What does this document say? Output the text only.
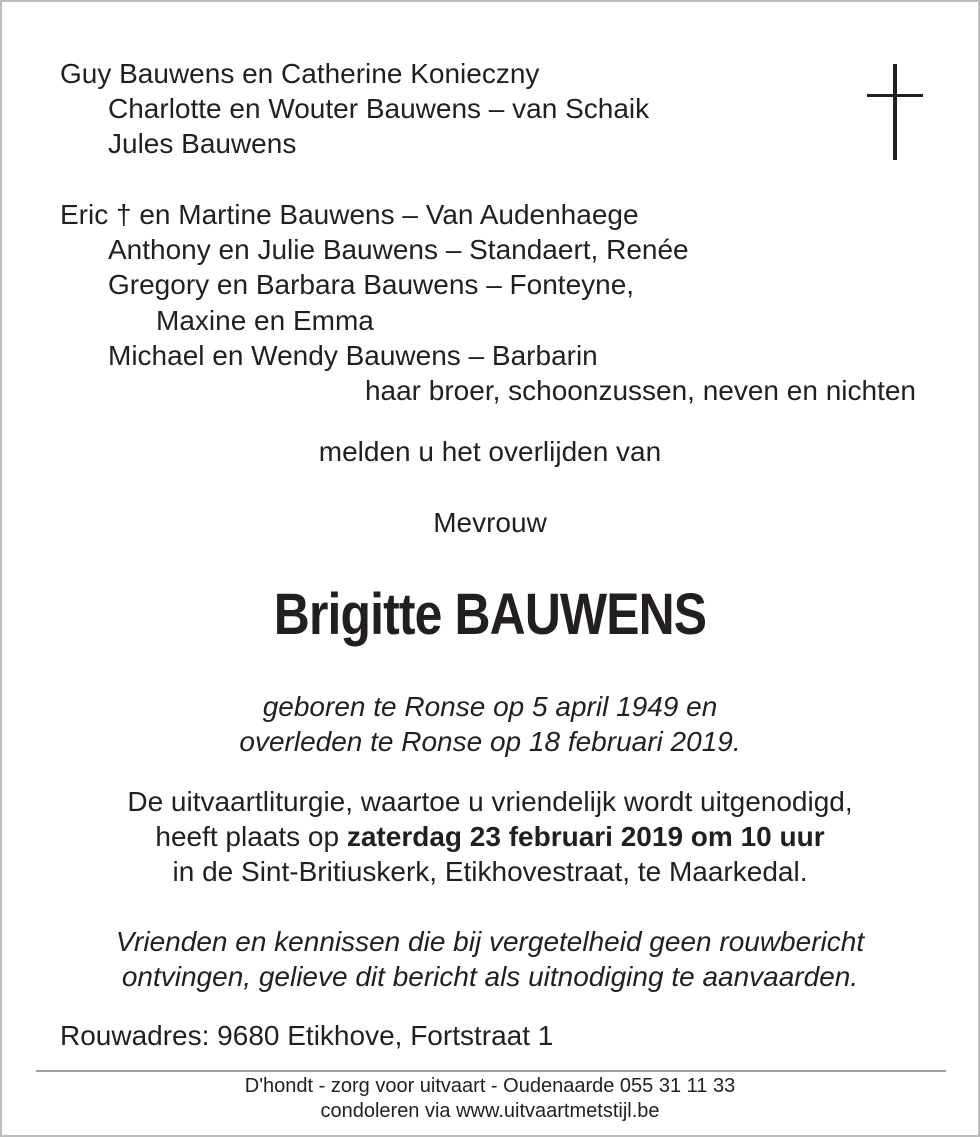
Guy Bauwens en Catherine Konieczny
Charlotte en Wouter Bauwens – van Schaik
Jules Bauwens
Eric † en Martine Bauwens – Van Audenhaege
Anthony en Julie Bauwens – Standaert, Renée
Gregory en Barbara Bauwens – Fonteyne,
Maxine en Emma
Michael en Wendy Bauwens – Barbarin
haar broer, schoonzussen, neven en nichten
melden u het overlijden van
Mevrouw
Brigitte BAUWENS
geboren te Ronse op 5 april 1949 en
overleden te Ronse op 18 februari 2019.
De uitvaartliturgie, waartoe u vriendelijk wordt uitgenodigd,
heeft plaats op zaterdag 23 februari 2019 om 10 uur
in de Sint-Britiuskerk, Etikhovestraat, te Maarkedal.
Vrienden en kennissen die bij vergetelheid geen rouwbericht
ontvingen, gelieve dit bericht als uitnodiging te aanvaarden.
Rouwadres: 9680 Etikhove, Fortstraat 1
D'hondt - zorg voor uitvaart - Oudenaarde 055 31 11 33
condoleren via www.uitvaartmetstijl.be
